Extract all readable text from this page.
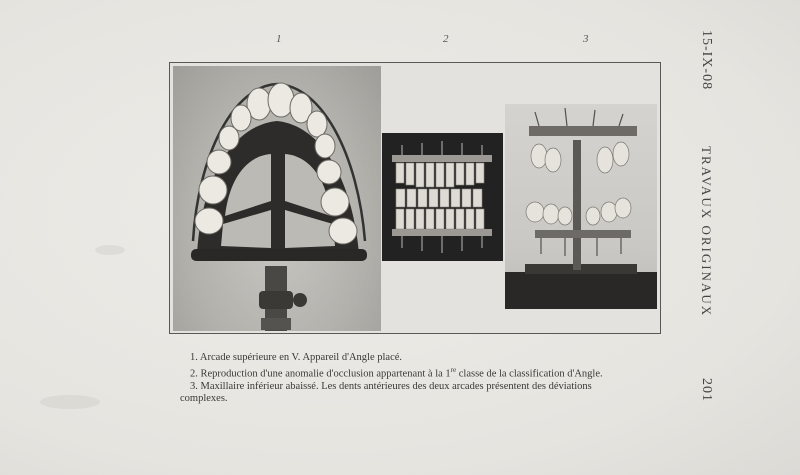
1	2	3	15-IX-08
TRAVAUX ORIGINAUX
201
1. Arcade supérieure en V. Appareil d'Angle placé.
2. Reproduction d'une anomalie d'occlusion appartenant à la 1re classe de la classification d'Angle.
3. Maxillaire inférieur abaissé. Les dents antérieures des deux arcades présentent des déviations
complexes.
